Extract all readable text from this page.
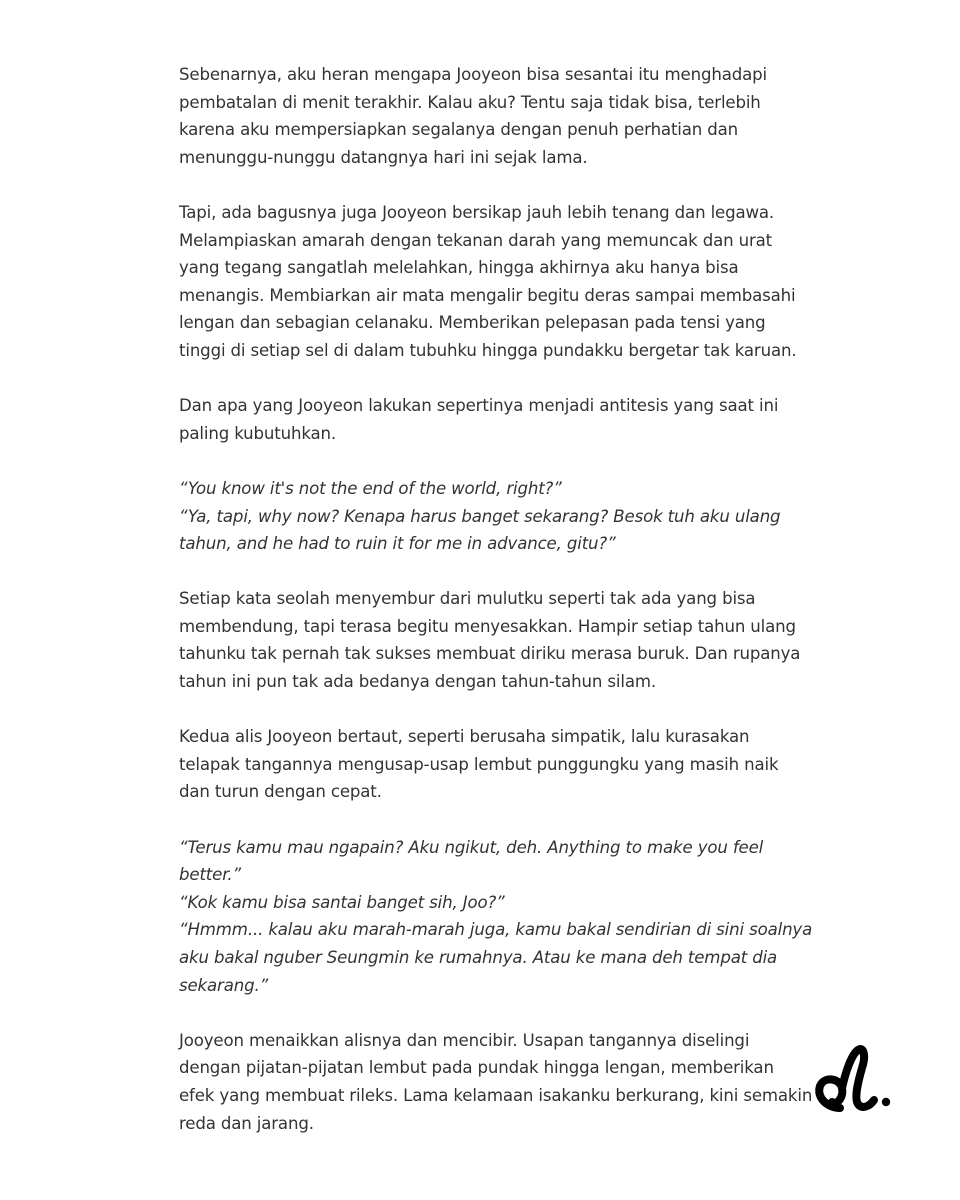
Sebenarnya, aku heran mengapa Jooyeon bisa sesantai itu menghadapi
pembatalan di menit terakhir. Kalau aku? Tentu saja tidak bisa, terlebih
karena aku mempersiapkan segalanya dengan penuh perhatian dan
menunggu-nunggu datangnya hari ini sejak lama.
Tapi, ada bagusnya juga Jooyeon bersikap jauh lebih tenang dan legawa.
Melampiaskan amarah dengan tekanan darah yang memuncak dan urat
yang tegang sangatlah melelahkan, hingga akhirnya aku hanya bisa
menangis. Membiarkan air mata mengalir begitu deras sampai membasahi
lengan dan sebagian celanaku. Memberikan pelepasan pada tensi yang
tinggi di setiap sel di dalam tubuhku hingga pundakku bergetar tak karuan.
Dan apa yang Jooyeon lakukan sepertinya menjadi antitesis yang saat ini
paling kubutuhkan.
“You know it's not the end of the world, right?”
“Ya, tapi, why now? Kenapa harus banget sekarang? Besok tuh aku ulang
tahun, and he had to ruin it for me in advance, gitu?”
Setiap kata seolah menyembur dari mulutku seperti tak ada yang bisa
membendung, tapi terasa begitu menyesakkan. Hampir setiap tahun ulang
tahunku tak pernah tak sukses membuat diriku merasa buruk. Dan rupanya
tahun ini pun tak ada bedanya dengan tahun-tahun silam.
Kedua alis Jooyeon bertaut, seperti berusaha simpatik, lalu kurasakan
telapak tangannya mengusap-usap lembut punggungku yang masih naik
dan turun dengan cepat.
“Terus kamu mau ngapain? Aku ngikut, deh. Anything to make you feel
better.”
“Kok kamu bisa santai banget sih, Joo?”
“Hmmm... kalau aku marah-marah juga, kamu bakal sendirian di sini soalnya
aku bakal nguber Seungmin ke rumahnya. Atau ke mana deh tempat dia
sekarang.”
Jooyeon menaikkan alisnya dan mencibir. Usapan tangannya diselingi
dengan pijatan-pijatan lembut pada pundak hingga lengan, memberikan
efek yang membuat rileks. Lama kelamaan isakanku berkurang, kini semakin
reda dan jarang.
